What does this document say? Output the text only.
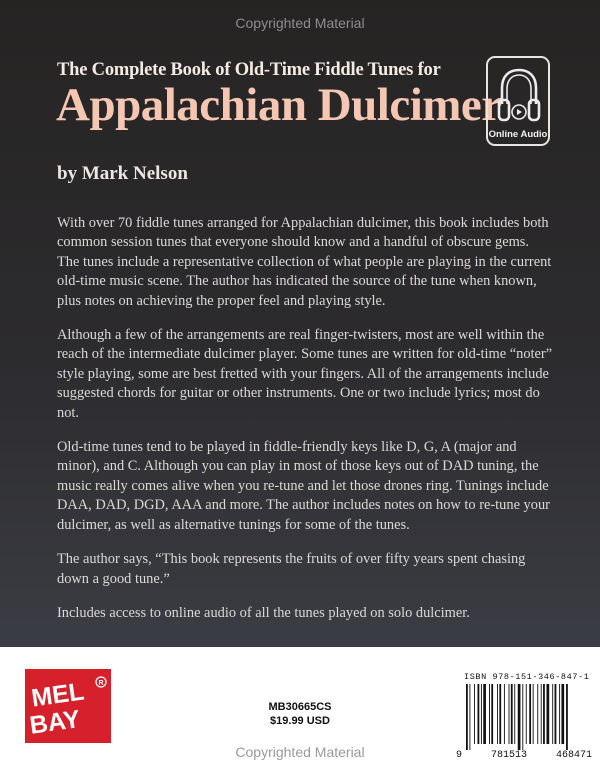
The Complete Book of Old-Time Fiddle Tunes for
Appalachian Dulcimer
Online Audio
by Mark Nelson

With over 70 fiddle tunes arranged for Appalachian dulcimer, this book includes both common session tunes that everyone should know and a handful of obscure gems. The tunes include a representative collection of what people are playing in the current old-time music scene. The author has indicated the source of the tune when known, plus notes on achieving the proper feel and playing style.

Although a few of the arrangements are real finger-twisters, most are well within the reach of the intermediate dulcimer player. Some tunes are written for old-time “noter” style playing, some are best fretted with your fingers. All of the arrangements include suggested chords for guitar or other instruments. One or two include lyrics; most do not.

Old-time tunes tend to be played in fiddle-friendly keys like D, G, A (major and minor), and C. Although you can play in most of those keys out of DAD tuning, the music really comes alive when you re-tune and let those drones ring. Tunings include DAA, DAD, DGD, AAA and more. The author includes notes on how to re-tune your dulcimer, as well as alternative tunings for some of the tunes.

The author says, “This book represents the fruits of over fifty years spent chasing down a good tune.”

Includes access to online audio of all the tunes played on solo dulcimer.

Copyrighted Material
MEL
BAY
R
MB30665CS
$19.99 USD
ISBN 978-151-346-847-1
9	781513	468471
Copyrighted Material
